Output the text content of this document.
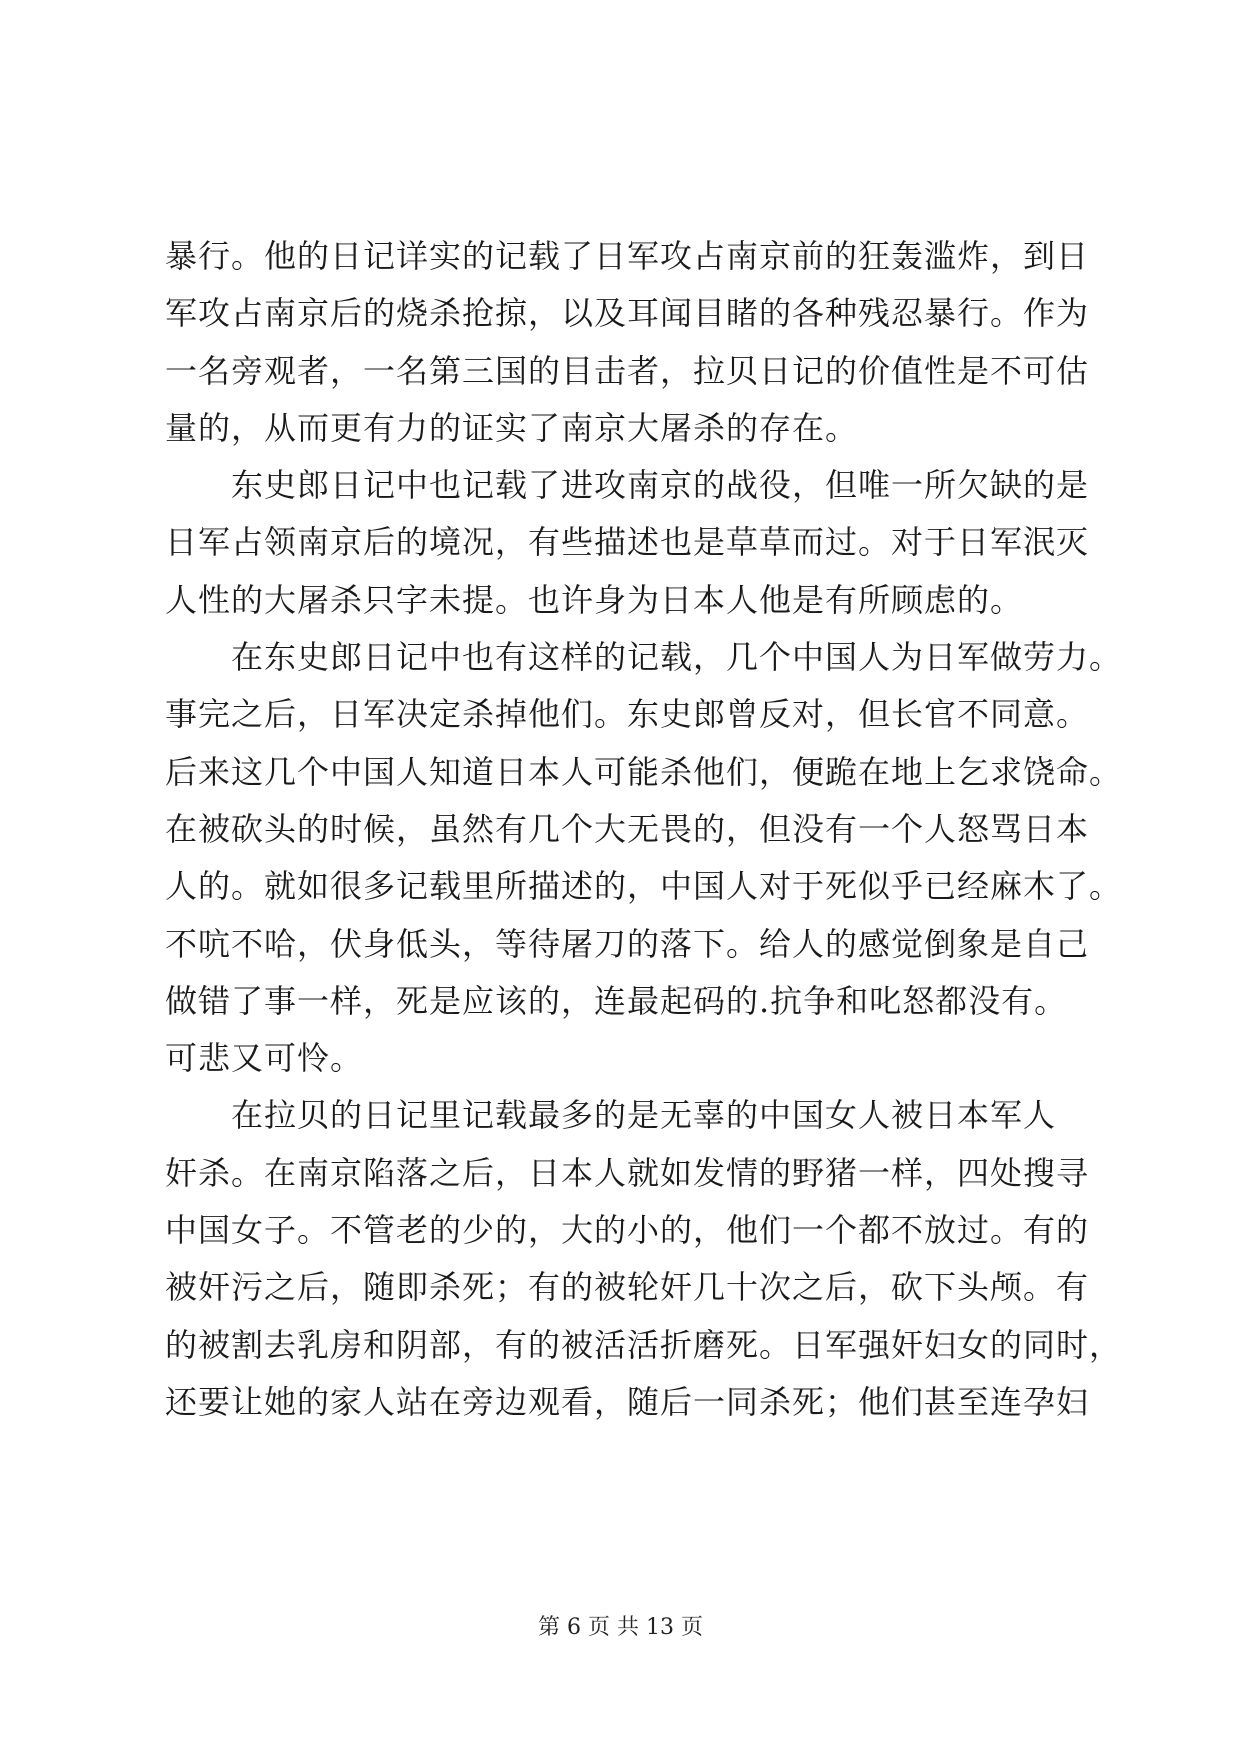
暴行。他的日记详实的记载了日军攻占南京前的狂轰滥炸，到日
军攻占南京后的烧杀抢掠，以及耳闻目睹的各种残忍暴行。作为
一名旁观者，一名第三国的目击者，拉贝日记的价值性是不可估
量的，从而更有力的证实了南京大屠杀的存在。
东史郎日记中也记载了进攻南京的战役，但唯一所欠缺的是
日军占领南京后的境况，有些描述也是草草而过。对于日军泯灭
人性的大屠杀只字未提。也许身为日本人他是有所顾虑的。
在东史郎日记中也有这样的记载，几个中国人为日军做劳力。
事完之后，日军决定杀掉他们。东史郎曾反对，但长官不同意。
后来这几个中国人知道日本人可能杀他们，便跪在地上乞求饶命。
在被砍头的时候，虽然有几个大无畏的，但没有一个人怒骂日本
人的。就如很多记载里所描述的，中国人对于死似乎已经麻木了。
不吭不哈，伏身低头，等待屠刀的落下。给人的感觉倒象是自己
做错了事一样，死是应该的，连最起码的.抗争和叱怒都没有。
可悲又可怜。
在拉贝的日记里记载最多的是无辜的中国女人被日本军人
奸杀。在南京陷落之后，日本人就如发情的野猪一样，四处搜寻
中国女子。不管老的少的，大的小的，他们一个都不放过。有的
被奸污之后，随即杀死；有的被轮奸几十次之后，砍下头颅。有
的被割去乳房和阴部，有的被活活折磨死。日军强奸妇女的同时，
还要让她的家人站在旁边观看，随后一同杀死；他们甚至连孕妇
第 6 页 共 13 页
